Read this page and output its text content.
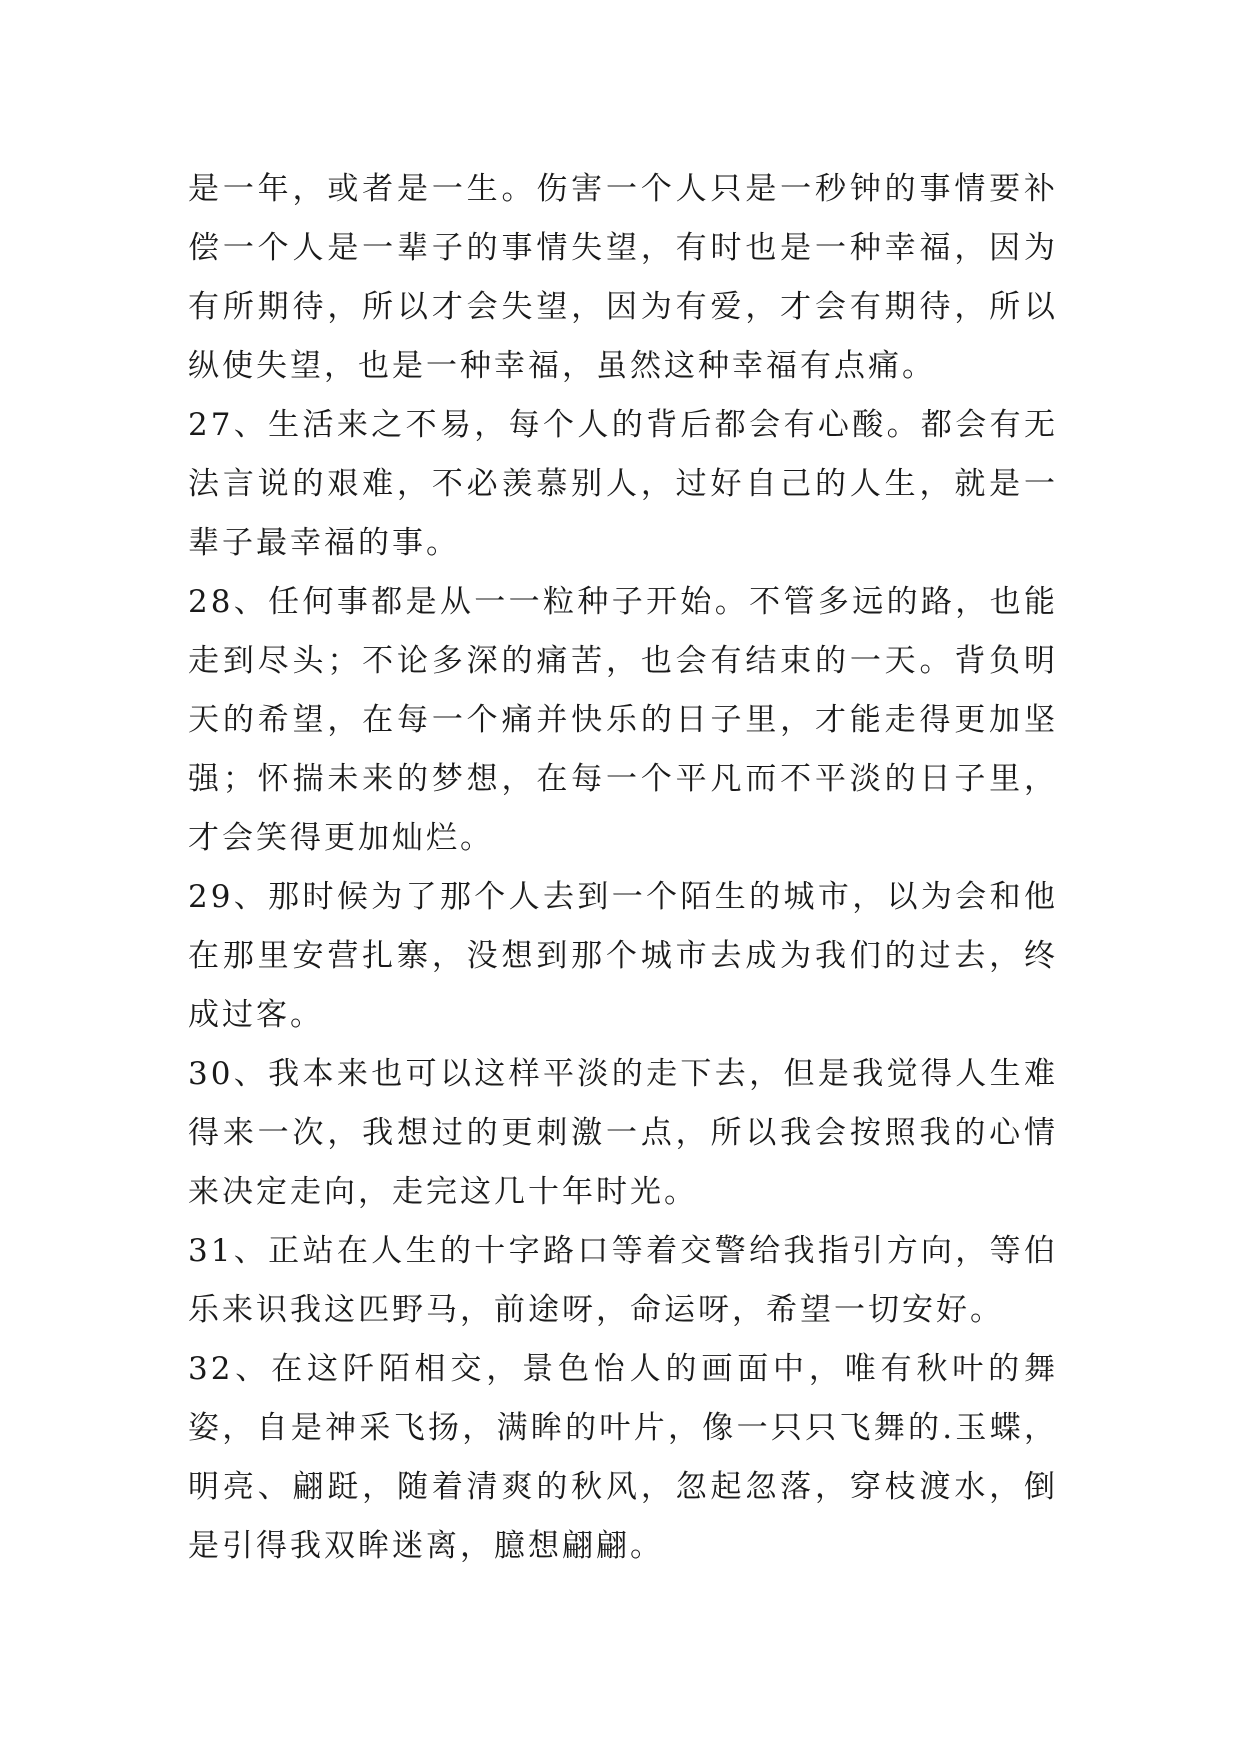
是一年，或者是一生。伤害一个人只是一秒钟的事情要补偿一个人是一辈子的事情失望，有时也是一种幸福，因为有所期待，所以才会失望，因为有爱，才会有期待，所以纵使失望，也是一种幸福，虽然这种幸福有点痛。

27、生活来之不易，每个人的背后都会有心酸。都会有无法言说的艰难，不必羡慕别人，过好自己的人生，就是一辈子最幸福的事。

28、任何事都是从一一粒种子开始。不管多远的路，也能走到尽头；不论多深的痛苦，也会有结束的一天。背负明天的希望，在每一个痛并快乐的日子里，才能走得更加坚强；怀揣未来的梦想，在每一个平凡而不平淡的日子里，才会笑得更加灿烂。

29、那时候为了那个人去到一个陌生的城市，以为会和他在那里安营扎寨，没想到那个城市去成为我们的过去，终成过客。

30、我本来也可以这样平淡的走下去，但是我觉得人生难得来一次，我想过的更刺激一点，所以我会按照我的心情来决定走向，走完这几十年时光。

31、正站在人生的十字路口等着交警给我指引方向，等伯乐来识我这匹野马，前途呀，命运呀，希望一切安好。

32、在这阡陌相交，景色怡人的画面中，唯有秋叶的舞姿，自是神采飞扬，满眸的叶片，像一只只飞舞的.玉蝶，明亮、翩跹，随着清爽的秋风，忽起忽落，穿枝渡水，倒是引得我双眸迷离，臆想翩翩。
